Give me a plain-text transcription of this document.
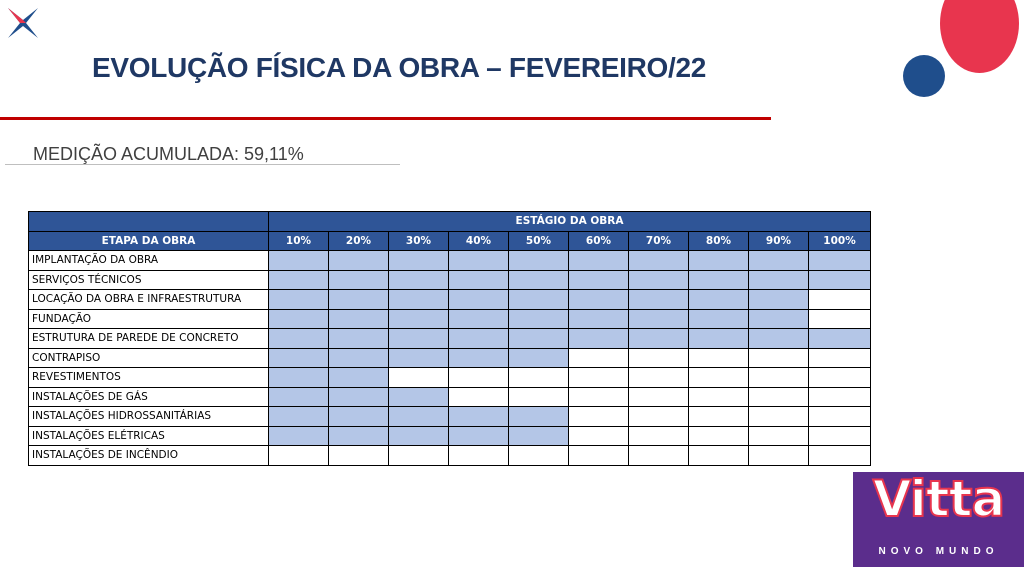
EVOLUÇÃO FÍSICA DA OBRA – FEVEREIRO/22
MEDIÇÃO ACUMULADA: 59,11%
	ESTÁGIO DA OBRA									
ETAPA DA OBRA	10%	20%	30%	40%	50%	60%	70%	80%	90%	100%
IMPLANTAÇÃO DA OBRA										
SERVIÇOS TÉCNICOS										
LOCAÇÃO DA OBRA E INFRAESTRUTURA										
FUNDAÇÃO										
ESTRUTURA DE PAREDE DE CONCRETO										
CONTRAPISO										
REVESTIMENTOS										
INSTALAÇÕES DE GÁS										
INSTALAÇÕES HIDROSSANITÁRIAS										
INSTALAÇÕES ELÉTRICAS										
INSTALAÇÕES DE INCÊNDIO										
Vitta
NOVO MUNDO
